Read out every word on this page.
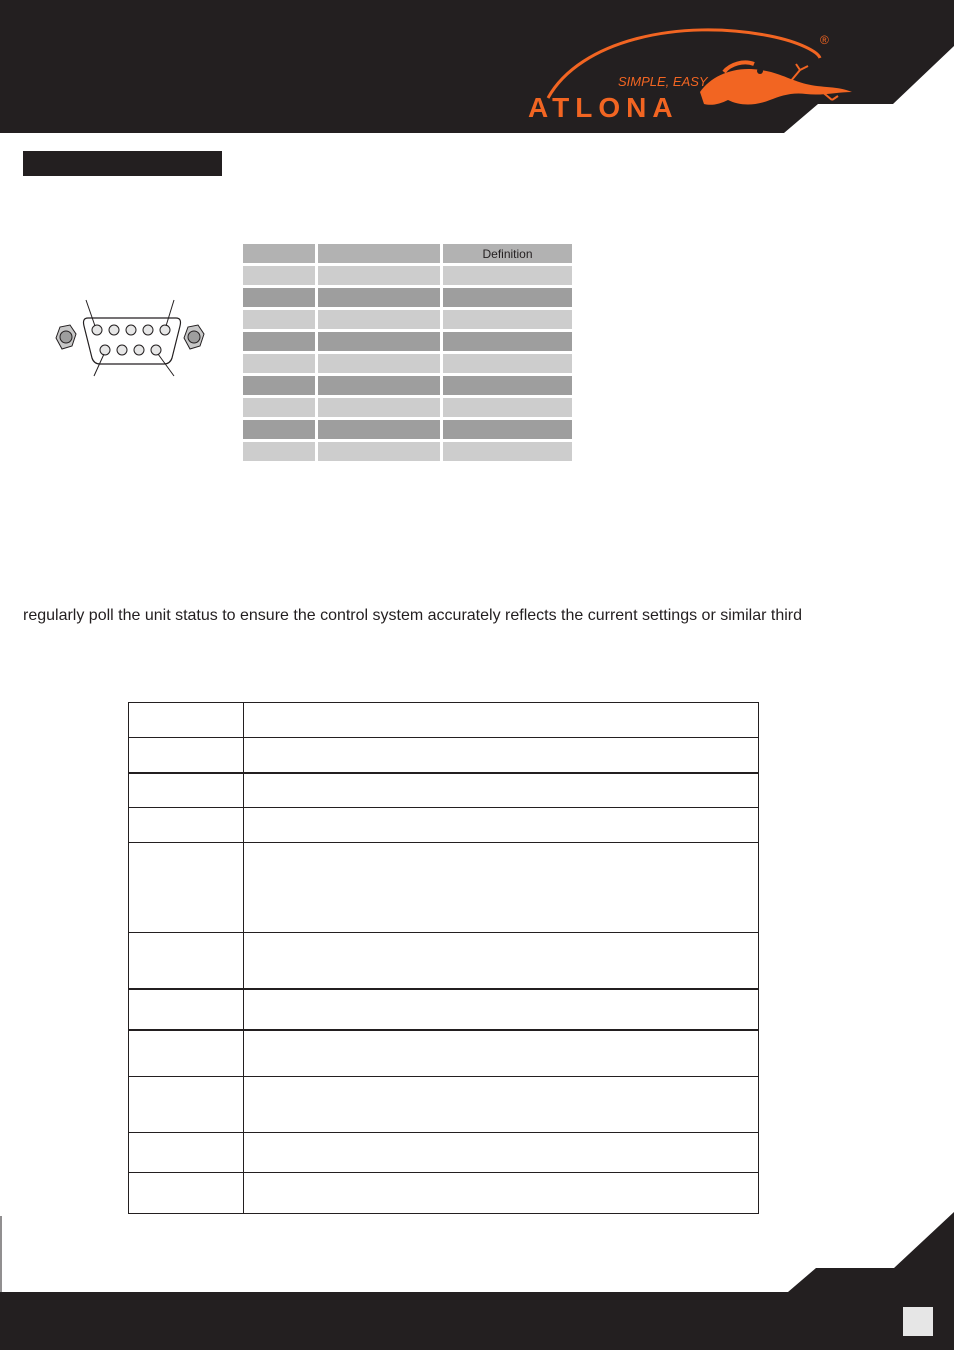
SIMPLE, EASY
ATLONA
®
		Definition

regularly poll the unit status to ensure the control system accurately reflects the current settings or similar third
